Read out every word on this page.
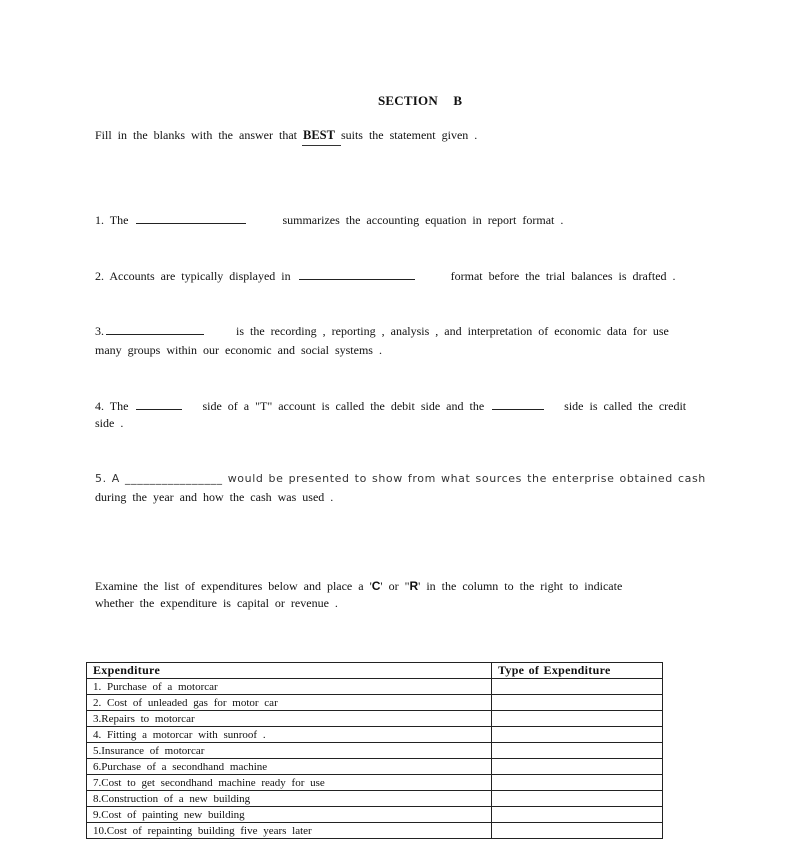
SECTION B
Fill in the blanks with the answer that BEST suits the statement given .
1. The	summarizes the accounting equation in report format .
2. Accounts are typically displayed in	format before the trial balances is drafted .
3.	is the recording , reporting , analysis , and interpretation of economic data for use
many groups within our economic and social systems .
4. The	side of a "T" account is called the debit side and the	side is called the credit
side .
5. A ________________ would be presented to show from what sources the enterprise obtained cash
during the year and how the cash was used .
Examine the list of expenditures below and place a 'C' or "R' in the column to the right to indicate
whether the expenditure is capital or revenue .
Expenditure	Type of Expenditure
1. Purchase of a motorcar	
2. Cost of unleaded gas for motor car	
3.Repairs to motorcar	
4. Fitting a motorcar with sunroof .	
5.Insurance of motorcar	
6.Purchase of a secondhand machine	
7.Cost to get secondhand machine ready for use	
8.Construction of a new building	
9.Cost of painting new building	
10.Cost of repainting building five years later	
